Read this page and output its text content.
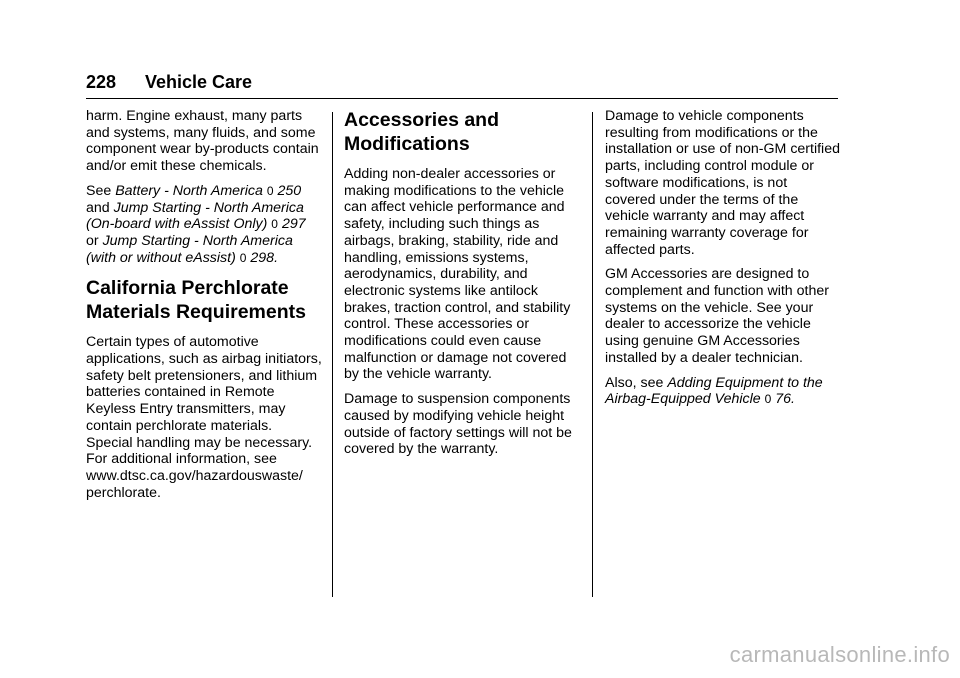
228 Vehicle Care

harm. Engine exhaust, many parts and systems, many fluids, and some component wear by-products contain and/or emit these chemicals.

See Battery - North America 0 250 and Jump Starting - North America (On-board with eAssist Only) 0 297 or Jump Starting - North America (with or without eAssist) 0 298.

California Perchlorate Materials Requirements

Certain types of automotive applications, such as airbag initiators, safety belt pretensioners, and lithium batteries contained in Remote Keyless Entry transmitters, may contain perchlorate materials. Special handling may be necessary. For additional information, see www.dtsc.ca.gov/hazardouswaste/ perchlorate.

Accessories and Modifications

Adding non-dealer accessories or making modifications to the vehicle can affect vehicle performance and safety, including such things as airbags, braking, stability, ride and handling, emissions systems, aerodynamics, durability, and electronic systems like antilock brakes, traction control, and stability control. These accessories or modifications could even cause malfunction or damage not covered by the vehicle warranty.

Damage to suspension components caused by modifying vehicle height outside of factory settings will not be covered by the warranty.

Damage to vehicle components resulting from modifications or the installation or use of non-GM certified parts, including control module or software modifications, is not covered under the terms of the vehicle warranty and may affect remaining warranty coverage for affected parts.

GM Accessories are designed to complement and function with other systems on the vehicle. See your dealer to accessorize the vehicle using genuine GM Accessories installed by a dealer technician.

Also, see Adding Equipment to the Airbag-Equipped Vehicle 0 76.

carmanualsonline.info
